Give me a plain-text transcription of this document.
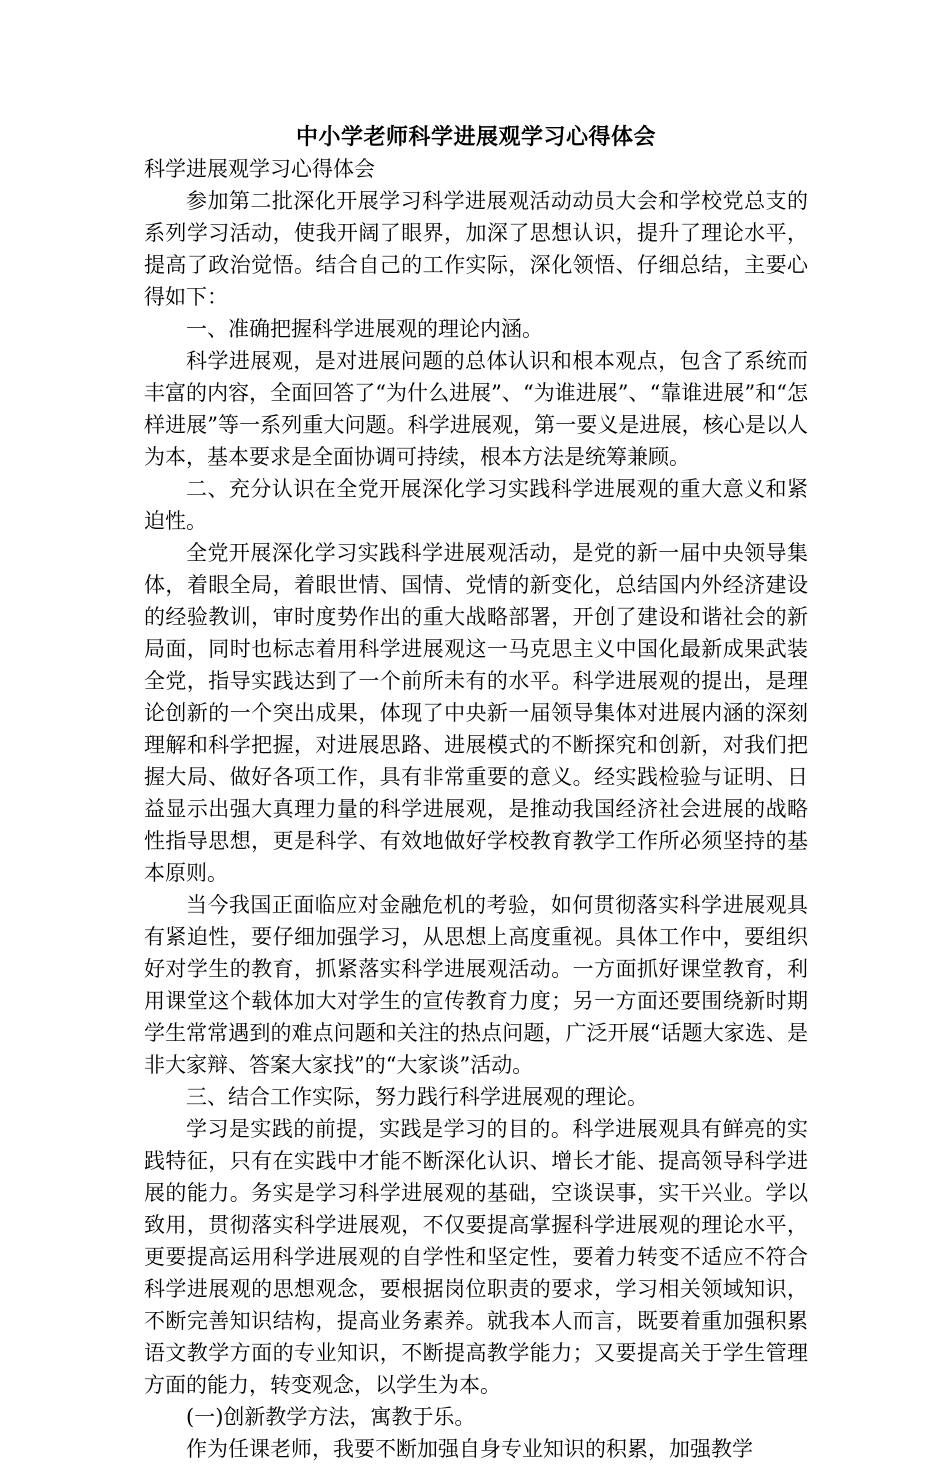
中小学老师科学进展观学习心得体会

科学进展观学习心得体会

参加第二批深化开展学习科学进展观活动动员大会和学校党总支的系列学习活动，使我开阔了眼界，加深了思想认识，提升了理论水平，提高了政治觉悟。结合自己的工作实际，深化领悟、仔细总结，主要心得如下：

一、准确把握科学进展观的理论内涵。

科学进展观，是对进展问题的总体认识和根本观点，包含了系统而丰富的内容，全面回答了“为什么进展”、“为谁进展”、“靠谁进展”和“怎样进展”等一系列重大问题。科学进展观，第一要义是进展，核心是以人为本，基本要求是全面协调可持续，根本方法是统筹兼顾。

二、充分认识在全党开展深化学习实践科学进展观的重大意义和紧迫性。

全党开展深化学习实践科学进展观活动，是党的新一届中央领导集体，着眼全局，着眼世情、国情、党情的新变化，总结国内外经济建设的经验教训，审时度势作出的重大战略部署，开创了建设和谐社会的新局面，同时也标志着用科学进展观这一马克思主义中国化最新成果武装全党，指导实践达到了一个前所未有的水平。科学进展观的提出，是理论创新的一个突出成果，体现了中央新一届领导集体对进展内涵的深刻理解和科学把握，对进展思路、进展模式的不断探究和创新，对我们把握大局、做好各项工作，具有非常重要的意义。经实践检验与证明、日益显示出强大真理力量的科学进展观，是推动我国经济社会进展的战略性指导思想，更是科学、有效地做好学校教育教学工作所必须坚持的基本原则。

当今我国正面临应对金融危机的考验，如何贯彻落实科学进展观具有紧迫性，要仔细加强学习，从思想上高度重视。具体工作中，要组织好对学生的教育，抓紧落实科学进展观活动。一方面抓好课堂教育，利用课堂这个载体加大对学生的宣传教育力度；另一方面还要围绕新时期学生常常遇到的难点问题和关注的热点问题，广泛开展“话题大家选、是非大家辩、答案大家找”的“大家谈”活动。

三、结合工作实际，努力践行科学进展观的理论。

学习是实践的前提，实践是学习的目的。科学进展观具有鲜亮的实践特征，只有在实践中才能不断深化认识、增长才能、提高领导科学进展的能力。务实是学习科学进展观的基础，空谈误事，实干兴业。学以致用，贯彻落实科学进展观，不仅要提高掌握科学进展观的理论水平，更要提高运用科学进展观的自学性和坚定性，要着力转变不适应不符合科学进展观的思想观念，要根据岗位职责的要求，学习相关领域知识，不断完善知识结构，提高业务素养。就我本人而言，既要着重加强积累语文教学方面的专业知识，不断提高教学能力；又要提高关于学生管理方面的能力，转变观念，以学生为本。

(一)创新教学方法，寓教于乐。

作为任课老师，我要不断加强自身专业知识的积累，加强教学
